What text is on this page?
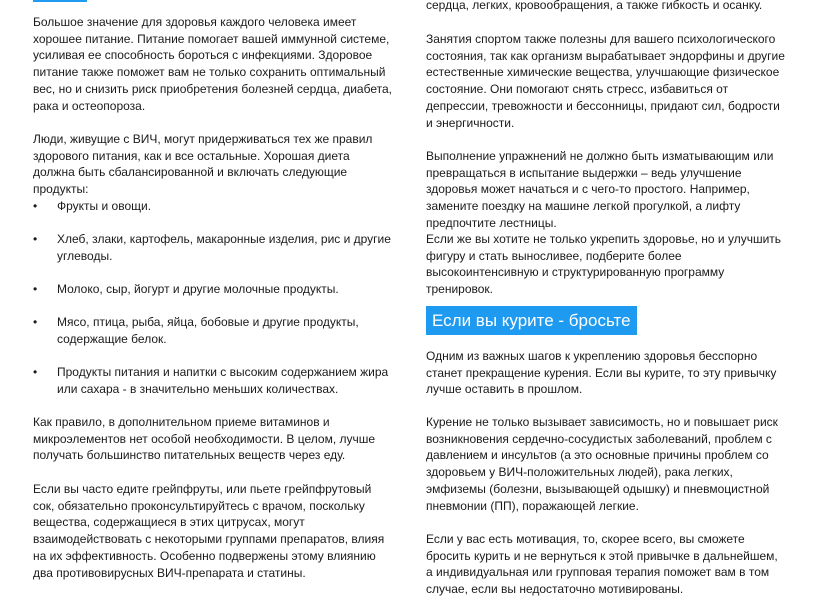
Большое значение для здоровья каждого человека имеет хорошее питание. Питание помогает вашей иммунной системе, усиливая ее способность бороться с инфекциями. Здоровое питание также поможет вам не только сохранить оптимальный вес, но и снизить риск приобретения болезней сердца, диабета, рака и остеопороза.

Люди, живущие с ВИЧ, могут придерживаться тех же правил здорового питания, как и все остальные. Хорошая диета должна быть сбалансированной и включать следующие продукты:

• Фрукты и овощи.
• Хлеб, злаки, картофель, макаронные изделия, рис и другие углеводы.
• Молоко, сыр, йогурт и другие молочные продукты.
• Мясо, птица, рыба, яйца, бобовые и другие продукты, содержащие белок.
• Продукты питания и напитки с высоким содержанием жира или сахара - в значительно меньших количествах.

Как правило, в дополнительном приеме витаминов и микроэлементов нет особой необходимости. В целом, лучше получать большинство питательных веществ через еду.

Если вы часто едите грейпфруты, или пьете грейпфрутовый сок, обязательно проконсультируйтесь с врачом, поскольку вещества, содержащиеся в этих цитрусах, могут взаимодействовать с некоторыми группами препаратов, влияя на их эффективность. Особенно подвержены этому влиянию два противовирусных ВИЧ-препарата и статины.

сердца, легких, кровообращения, а также гибкость и осанку.

Занятия спортом также полезны для вашего психологического состояния, так как организм вырабатывает эндорфины и другие естественные химические вещества, улучшающие физическое состояние. Они помогают снять стресс, избавиться от депрессии, тревожности и бессонницы, придают сил, бодрости и энергичности.

Выполнение упражнений не должно быть изматывающим или превращаться в испытание выдержки – ведь улучшение здоровья может начаться и с чего-то простого. Например, замените поездку на машине легкой прогулкой, а лифту предпочтите лестницы.

Если же вы хотите не только укрепить здоровье, но и улучшить фигуру и стать выносливее, подберите более высокоинтенсивную и структурированную программу тренировок.

Одним из важных шагов к укреплению здоровья бесспорно станет прекращение курения. Если вы курите, то эту привычку лучше оставить в прошлом.

Курение не только вызывает зависимость, но и повышает риск возникновения сердечно-сосудистых заболеваний, проблем с давлением и инсультов (а это основные причины проблем со здоровьем у ВИЧ-положительных людей), рака легких, эмфиземы (болезни, вызывающей одышку) и пневмоцистной пневмонии (ПП), поражающей легкие.

Если у вас есть мотивация, то, скорее всего, вы сможете бросить курить и не вернуться к этой привычке в дальнейшем, а индивидуальная или групповая терапия поможет вам в том случае, если вы недостаточно мотивированы.

Если вы курите - бросьте
